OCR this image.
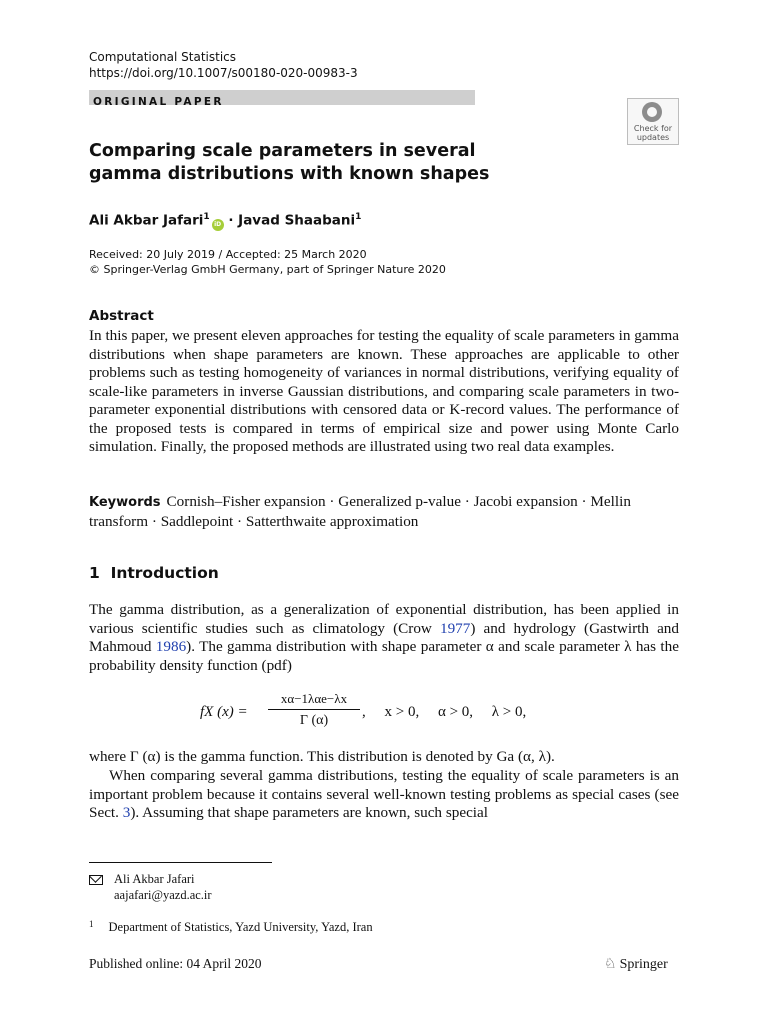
Computational Statistics
https://doi.org/10.1007/s00180-020-00983-3
ORIGINAL PAPER
Check for
updates
Comparing scale parameters in several gamma distributions with known shapes
Ali Akbar Jafari$^1$iD · Javad Shaabani$^1$
Received: 20 July 2019 / Accepted: 25 March 2020
© Springer-Verlag GmbH Germany, part of Springer Nature 2020
Abstract
In this paper, we present eleven approaches for testing the equality of scale parameters in gamma distributions when shape parameters are known. These approaches are applicable to other problems such as testing homogeneity of variances in normal distributions, verifying equality of scale-like parameters in inverse Gaussian distributions, and comparing scale parameters in two-parameter exponential distributions with censored data or K-record values. The performance of the proposed tests is compared in terms of empirical size and power using Monte Carlo simulation. Finally, the proposed methods are illustrated using two real data examples.
Keywords Cornish–Fisher expansion · Generalized p-value · Jacobi expansion · Mellin transform · Saddlepoint · Satterthwaite approximation
1  Introduction
The gamma distribution, as a generalization of exponential distribution, has been applied in various scientific studies such as climatology (Crow 1977) and hydrology (Gastwirth and Mahmoud 1986). The gamma distribution with shape parameter α and scale parameter λ has the probability density function (pdf)
fX (x) =
xα−1λαe−λx
Γ (α)
,     x > 0,     α > 0,     λ > 0,
where Γ (α) is the gamma function. This distribution is denoted by Ga (α, λ).
When comparing several gamma distributions, testing the equality of scale parameters is an important problem because it contains several well-known testing problems as special cases (see Sect. 3). Assuming that shape parameters are known, such special
Ali Akbar Jafari
aajafari@yazd.ac.ir
$^1$ Department of Statistics, Yazd University, Yazd, Iran
Published online: 04 April 2020	♘ Springer
